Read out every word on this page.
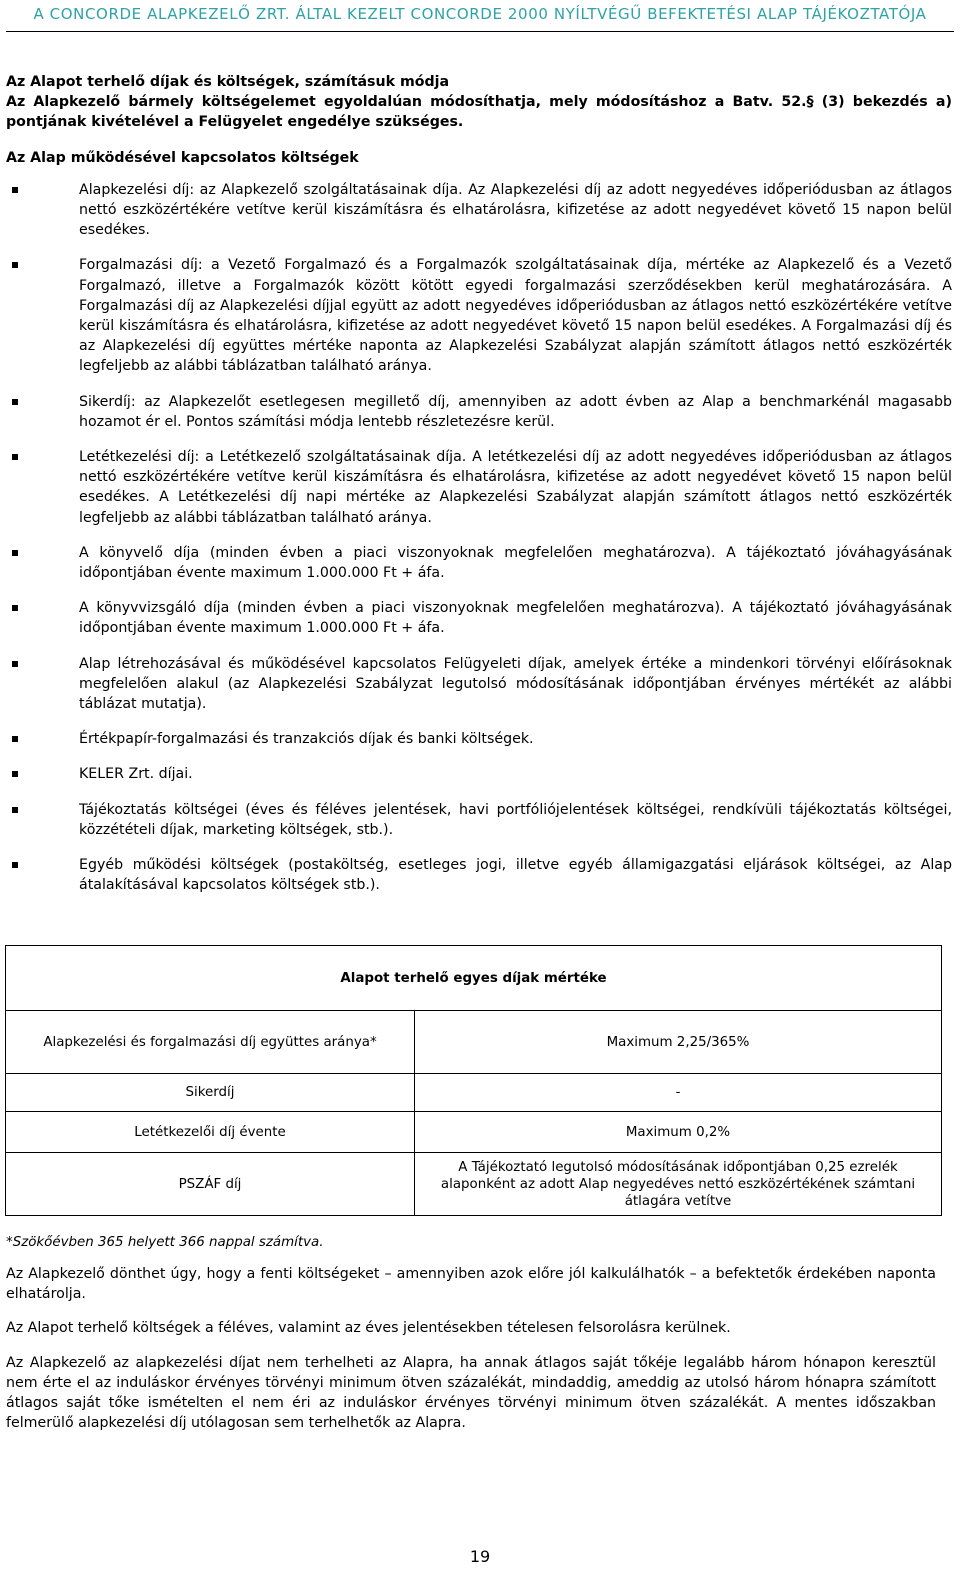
A CONCORDE ALAPKEZELŐ ZRT. ÁLTAL KEZELT CONCORDE 2000 NYÍLTVÉGŰ BEFEKTETÉSI ALAP TÁJÉKOZTATÓJA

Az Alapot terhelő díjak és költségek, számításuk módja

Az Alapkezelő bármely költségelemet egyoldalúan módosíthatja, mely módosításhoz a Batv. 52.§ (3) bekezdés a) pontjának kivételével a Felügyelet engedélye szükséges.

Az Alap működésével kapcsolatos költségek

Alapkezelési díj: az Alapkezelő szolgáltatásainak díja. Az Alapkezelési díj az adott negyedéves időperiódusban az átlagos nettó eszközértékére vetítve kerül kiszámításra és elhatárolásra, kifizetése az adott negyedévet követő 15 napon belül esedékes.
Forgalmazási díj: a Vezető Forgalmazó és a Forgalmazók szolgáltatásainak díja, mértéke az Alapkezelő és a Vezető Forgalmazó, illetve a Forgalmazók között kötött egyedi forgalmazási szerződésekben kerül meghatározására. A Forgalmazási díj az Alapkezelési díjjal együtt az adott negyedéves időperiódusban az átlagos nettó eszközértékére vetítve kerül kiszámításra és elhatárolásra, kifizetése az adott negyedévet követő 15 napon belül esedékes. A Forgalmazási díj és az Alapkezelési díj együttes mértéke naponta az Alapkezelési Szabályzat alapján számított átlagos nettó eszközérték legfeljebb az alábbi táblázatban található aránya.
Sikerdíj: az Alapkezelőt esetlegesen megillető díj, amennyiben az adott évben az Alap a benchmarkénál magasabb hozamot ér el. Pontos számítási módja lentebb részletezésre kerül.
Letétkezelési díj: a Letétkezelő szolgáltatásainak díja. A letétkezelési díj az adott negyedéves időperiódusban az átlagos nettó eszközértékére vetítve kerül kiszámításra és elhatárolásra, kifizetése az adott negyedévet követő 15 napon belül esedékes. A Letétkezelési díj napi mértéke az Alapkezelési Szabályzat alapján számított átlagos nettó eszközérték legfeljebb az alábbi táblázatban található aránya.
A könyvelő díja (minden évben a piaci viszonyoknak megfelelően meghatározva). A tájékoztató jóváhagyásának időpontjában évente maximum 1.000.000 Ft + áfa.
A könyvvizsgáló díja (minden évben a piaci viszonyoknak megfelelően meghatározva). A tájékoztató jóváhagyásának időpontjában évente maximum 1.000.000 Ft + áfa.
Alap létrehozásával és működésével kapcsolatos Felügyeleti díjak, amelyek értéke a mindenkori törvényi előírásoknak megfelelően alakul (az Alapkezelési Szabályzat legutolsó módosításának időpontjában érvényes mértékét az alábbi táblázat mutatja).
Értékpapír-forgalmazási és tranzakciós díjak és banki költségek.
KELER Zrt. díjai.
Tájékoztatás költségei (éves és féléves jelentések, havi portfóliójelentések költségei, rendkívüli tájékoztatás költségei, közzétételi díjak, marketing költségek, stb.).
Egyéb működési költségek (postaköltség, esetleges jogi, illetve egyéb államigazgatási eljárások költségei, az Alap átalakításával kapcsolatos költségek stb.).
Alapot terhelő egyes díjak mértéke	
Alapkezelési és forgalmazási díj együttes aránya*	Maximum 2,25/365%
Sikerdíj	-
Letétkezelői díj évente	Maximum 0,2%
PSZÁF díj	A Tájékoztató legutolsó módosításának időpontjában 0,25 ezrelék alaponként az adott Alap negyedéves nettó eszközértékének számtani átlagára vetítve
*Szökőévben 365 helyett 366 nappal számítva.

Az Alapkezelő dönthet úgy, hogy a fenti költségeket – amennyiben azok előre jól kalkulálhatók – a befektetők érdekében naponta elhatárolja.

Az Alapot terhelő költségek a féléves, valamint az éves jelentésekben tételesen felsorolásra kerülnek.

Az Alapkezelő az alapkezelési díjat nem terhelheti az Alapra, ha annak átlagos saját tőkéje legalább három hónapon keresztül nem érte el az induláskor érvényes törvényi minimum ötven százalékát, mindaddig, ameddig az utolsó három hónapra számított átlagos saját tőke ismételten el nem éri az induláskor érvényes törvényi minimum ötven százalékát. A mentes időszakban felmerülő alapkezelési díj utólagosan sem terhelhetők az Alapra.

19
